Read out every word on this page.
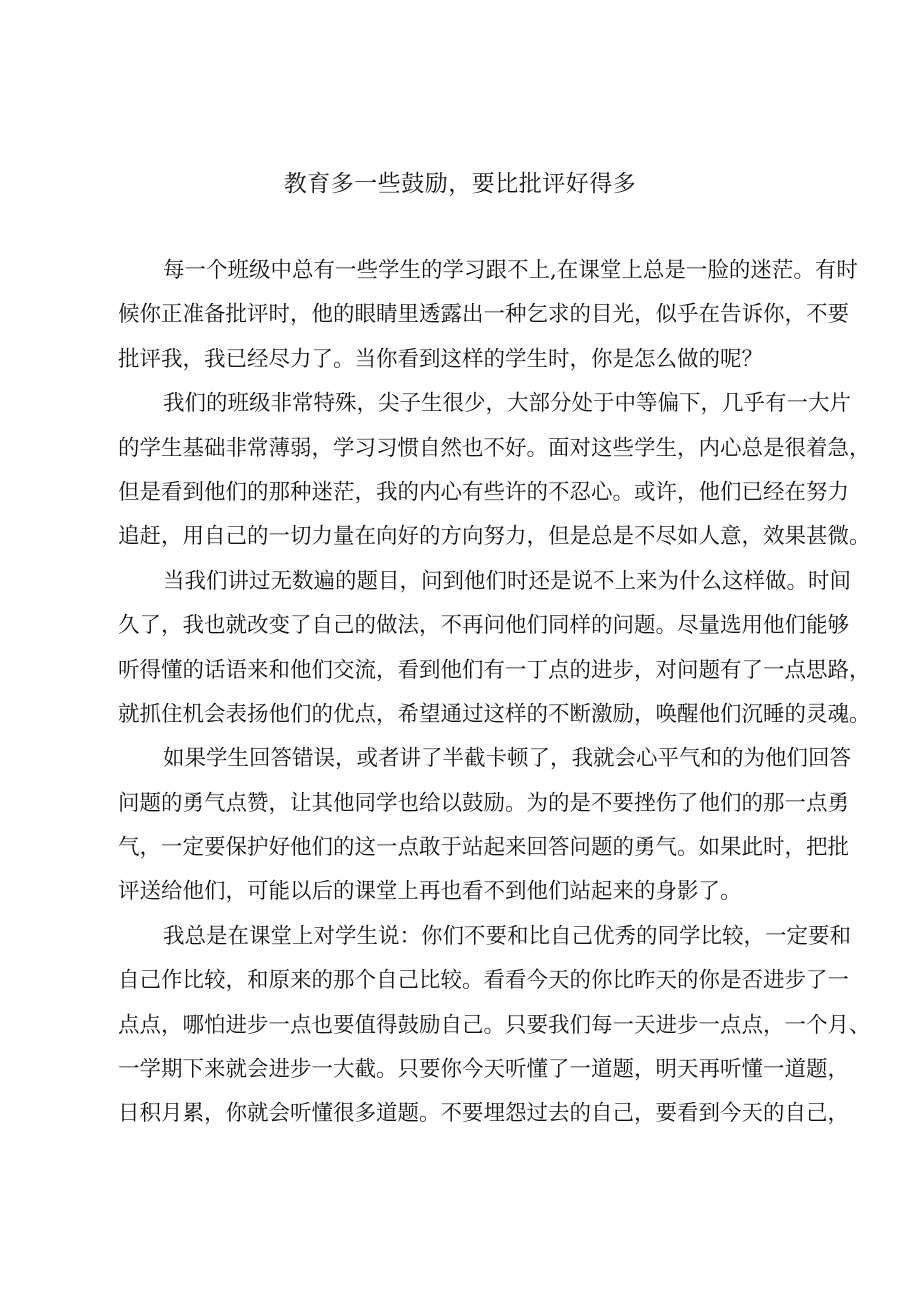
教育多一些鼓励，要比批评好得多
每一个班级中总有一些学生的学习跟不上,在课堂上总是一脸的迷茫。有时
候你正准备批评时，他的眼睛里透露出一种乞求的目光，似乎在告诉你，不要
批评我，我已经尽力了。当你看到这样的学生时，你是怎么做的呢？
我们的班级非常特殊，尖子生很少，大部分处于中等偏下，几乎有一大片
的学生基础非常薄弱，学习习惯自然也不好。面对这些学生，内心总是很着急，
但是看到他们的那种迷茫，我的内心有些许的不忍心。或许，他们已经在努力
追赶，用自己的一切力量在向好的方向努力，但是总是不尽如人意，效果甚微。
当我们讲过无数遍的题目，问到他们时还是说不上来为什么这样做。时间
久了，我也就改变了自己的做法，不再问他们同样的问题。尽量选用他们能够
听得懂的话语来和他们交流，看到他们有一丁点的进步，对问题有了一点思路，
就抓住机会表扬他们的优点，希望通过这样的不断激励，唤醒他们沉睡的灵魂。
如果学生回答错误，或者讲了半截卡顿了，我就会心平气和的为他们回答
问题的勇气点赞，让其他同学也给以鼓励。为的是不要挫伤了他们的那一点勇
气，一定要保护好他们的这一点敢于站起来回答问题的勇气。如果此时，把批
评送给他们，可能以后的课堂上再也看不到他们站起来的身影了。
我总是在课堂上对学生说：你们不要和比自己优秀的同学比较，一定要和
自己作比较，和原来的那个自己比较。看看今天的你比昨天的你是否进步了一
点点，哪怕进步一点也要值得鼓励自己。只要我们每一天进步一点点，一个月、
一学期下来就会进步一大截。只要你今天听懂了一道题，明天再听懂一道题，
日积月累，你就会听懂很多道题。不要埋怨过去的自己，要看到今天的自己，
